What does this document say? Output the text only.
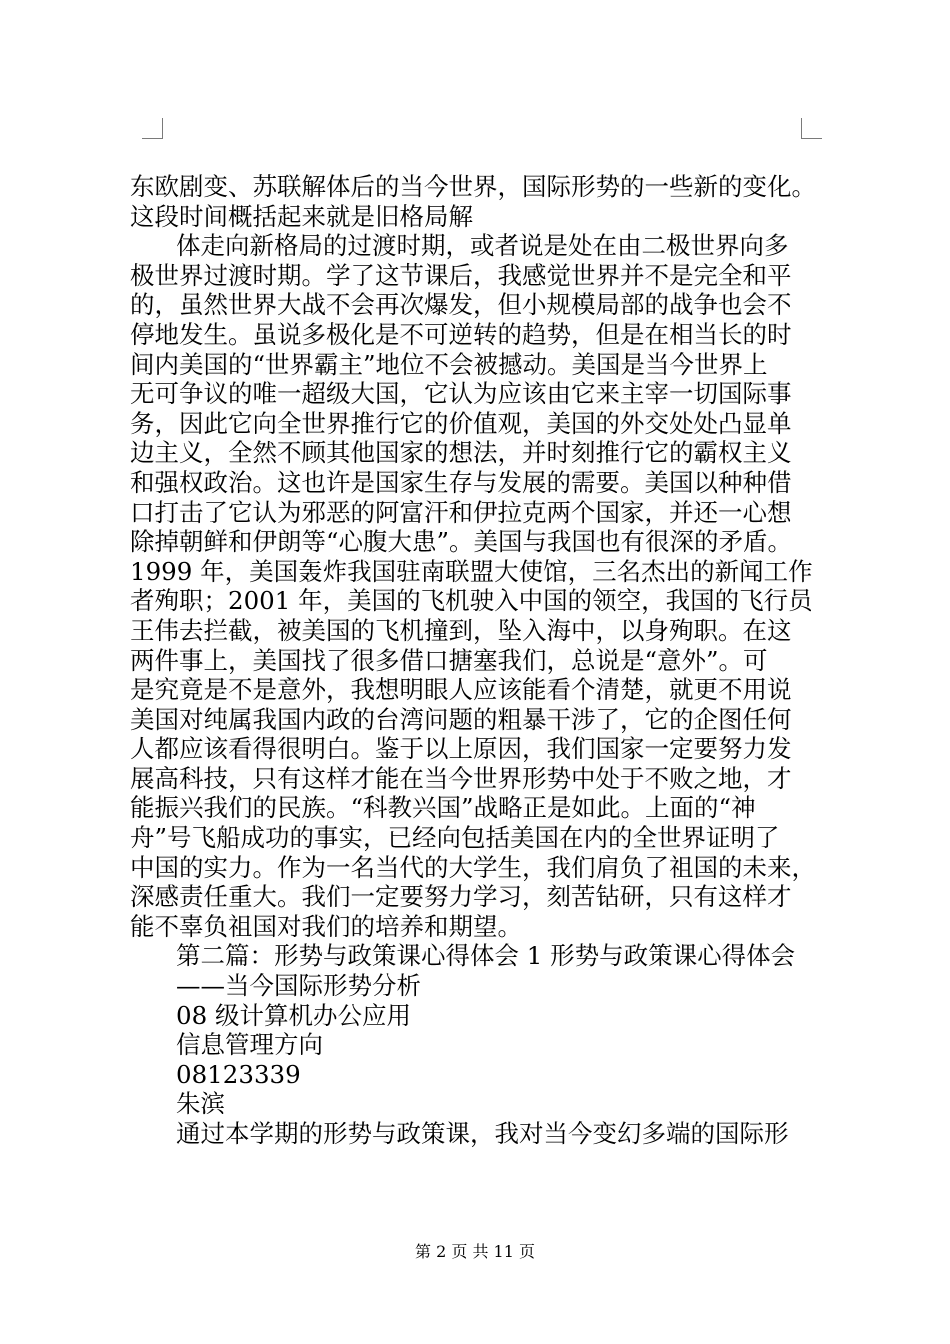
东欧剧变、苏联解体后的当今世界，国际形势的一些新的变化。
这段时间概括起来就是旧格局解
体走向新格局的过渡时期，或者说是处在由二极世界向多
极世界过渡时期。学了这节课后，我感觉世界并不是完全和平
的，虽然世界大战不会再次爆发，但小规模局部的战争也会不
停地发生。虽说多极化是不可逆转的趋势，但是在相当长的时
间内美国的“世界霸主”地位不会被撼动。美国是当今世界上
无可争议的唯一超级大国，它认为应该由它来主宰一切国际事
务，因此它向全世界推行它的价值观，美国的外交处处凸显单
边主义，全然不顾其他国家的想法，并时刻推行它的霸权主义
和强权政治。这也许是国家生存与发展的需要。美国以种种借
口打击了它认为邪恶的阿富汗和伊拉克两个国家，并还一心想
除掉朝鲜和伊朗等“心腹大患”。美国与我国也有很深的矛盾。
1999 年，美国轰炸我国驻南联盟大使馆，三名杰出的新闻工作
者殉职；2001 年，美国的飞机驶入中国的领空，我国的飞行员
王伟去拦截，被美国的飞机撞到，坠入海中，以身殉职。在这
两件事上，美国找了很多借口搪塞我们，总说是“意外”。可
是究竟是不是意外，我想明眼人应该能看个清楚，就更不用说
美国对纯属我国内政的台湾问题的粗暴干涉了，它的企图任何
人都应该看得很明白。鉴于以上原因，我们国家一定要努力发
展高科技，只有这样才能在当今世界形势中处于不败之地，才
能振兴我们的民族。“科教兴国”战略正是如此。上面的“神
舟”号飞船成功的事实，已经向包括美国在内的全世界证明了
中国的实力。作为一名当代的大学生，我们肩负了祖国的未来，
深感责任重大。我们一定要努力学习，刻苦钻研，只有这样才
能不辜负祖国对我们的培养和期望。
第二篇：形势与政策课心得体会 1 形势与政策课心得体会
——当今国际形势分析
08 级计算机办公应用
信息管理方向
08123339
朱滨
通过本学期的形势与政策课，我对当今变幻多端的国际形
第 2 页 共 11 页
